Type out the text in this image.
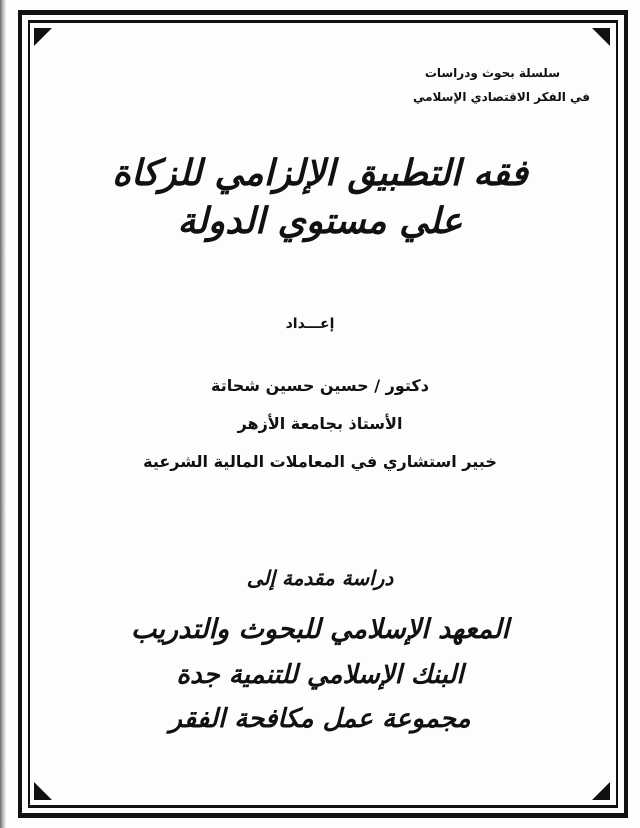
سلسلة بحوث ودراسات
في الفكر الاقتصادي الإسلامي
فقه التطبيق الإلزامي للزكاة
علي مستوي الدولة
إعـــداد
دكتور / حسين حسين شحاتة
الأستاذ بجامعة الأزهر
خبير استشاري في المعاملات المالية الشرعية
دراسة مقدمة إلى
المعهد الإسلامي للبحوث والتدريب
البنك الإسلامي للتنمية جدة
مجموعة عمل مكافحة الفقر
